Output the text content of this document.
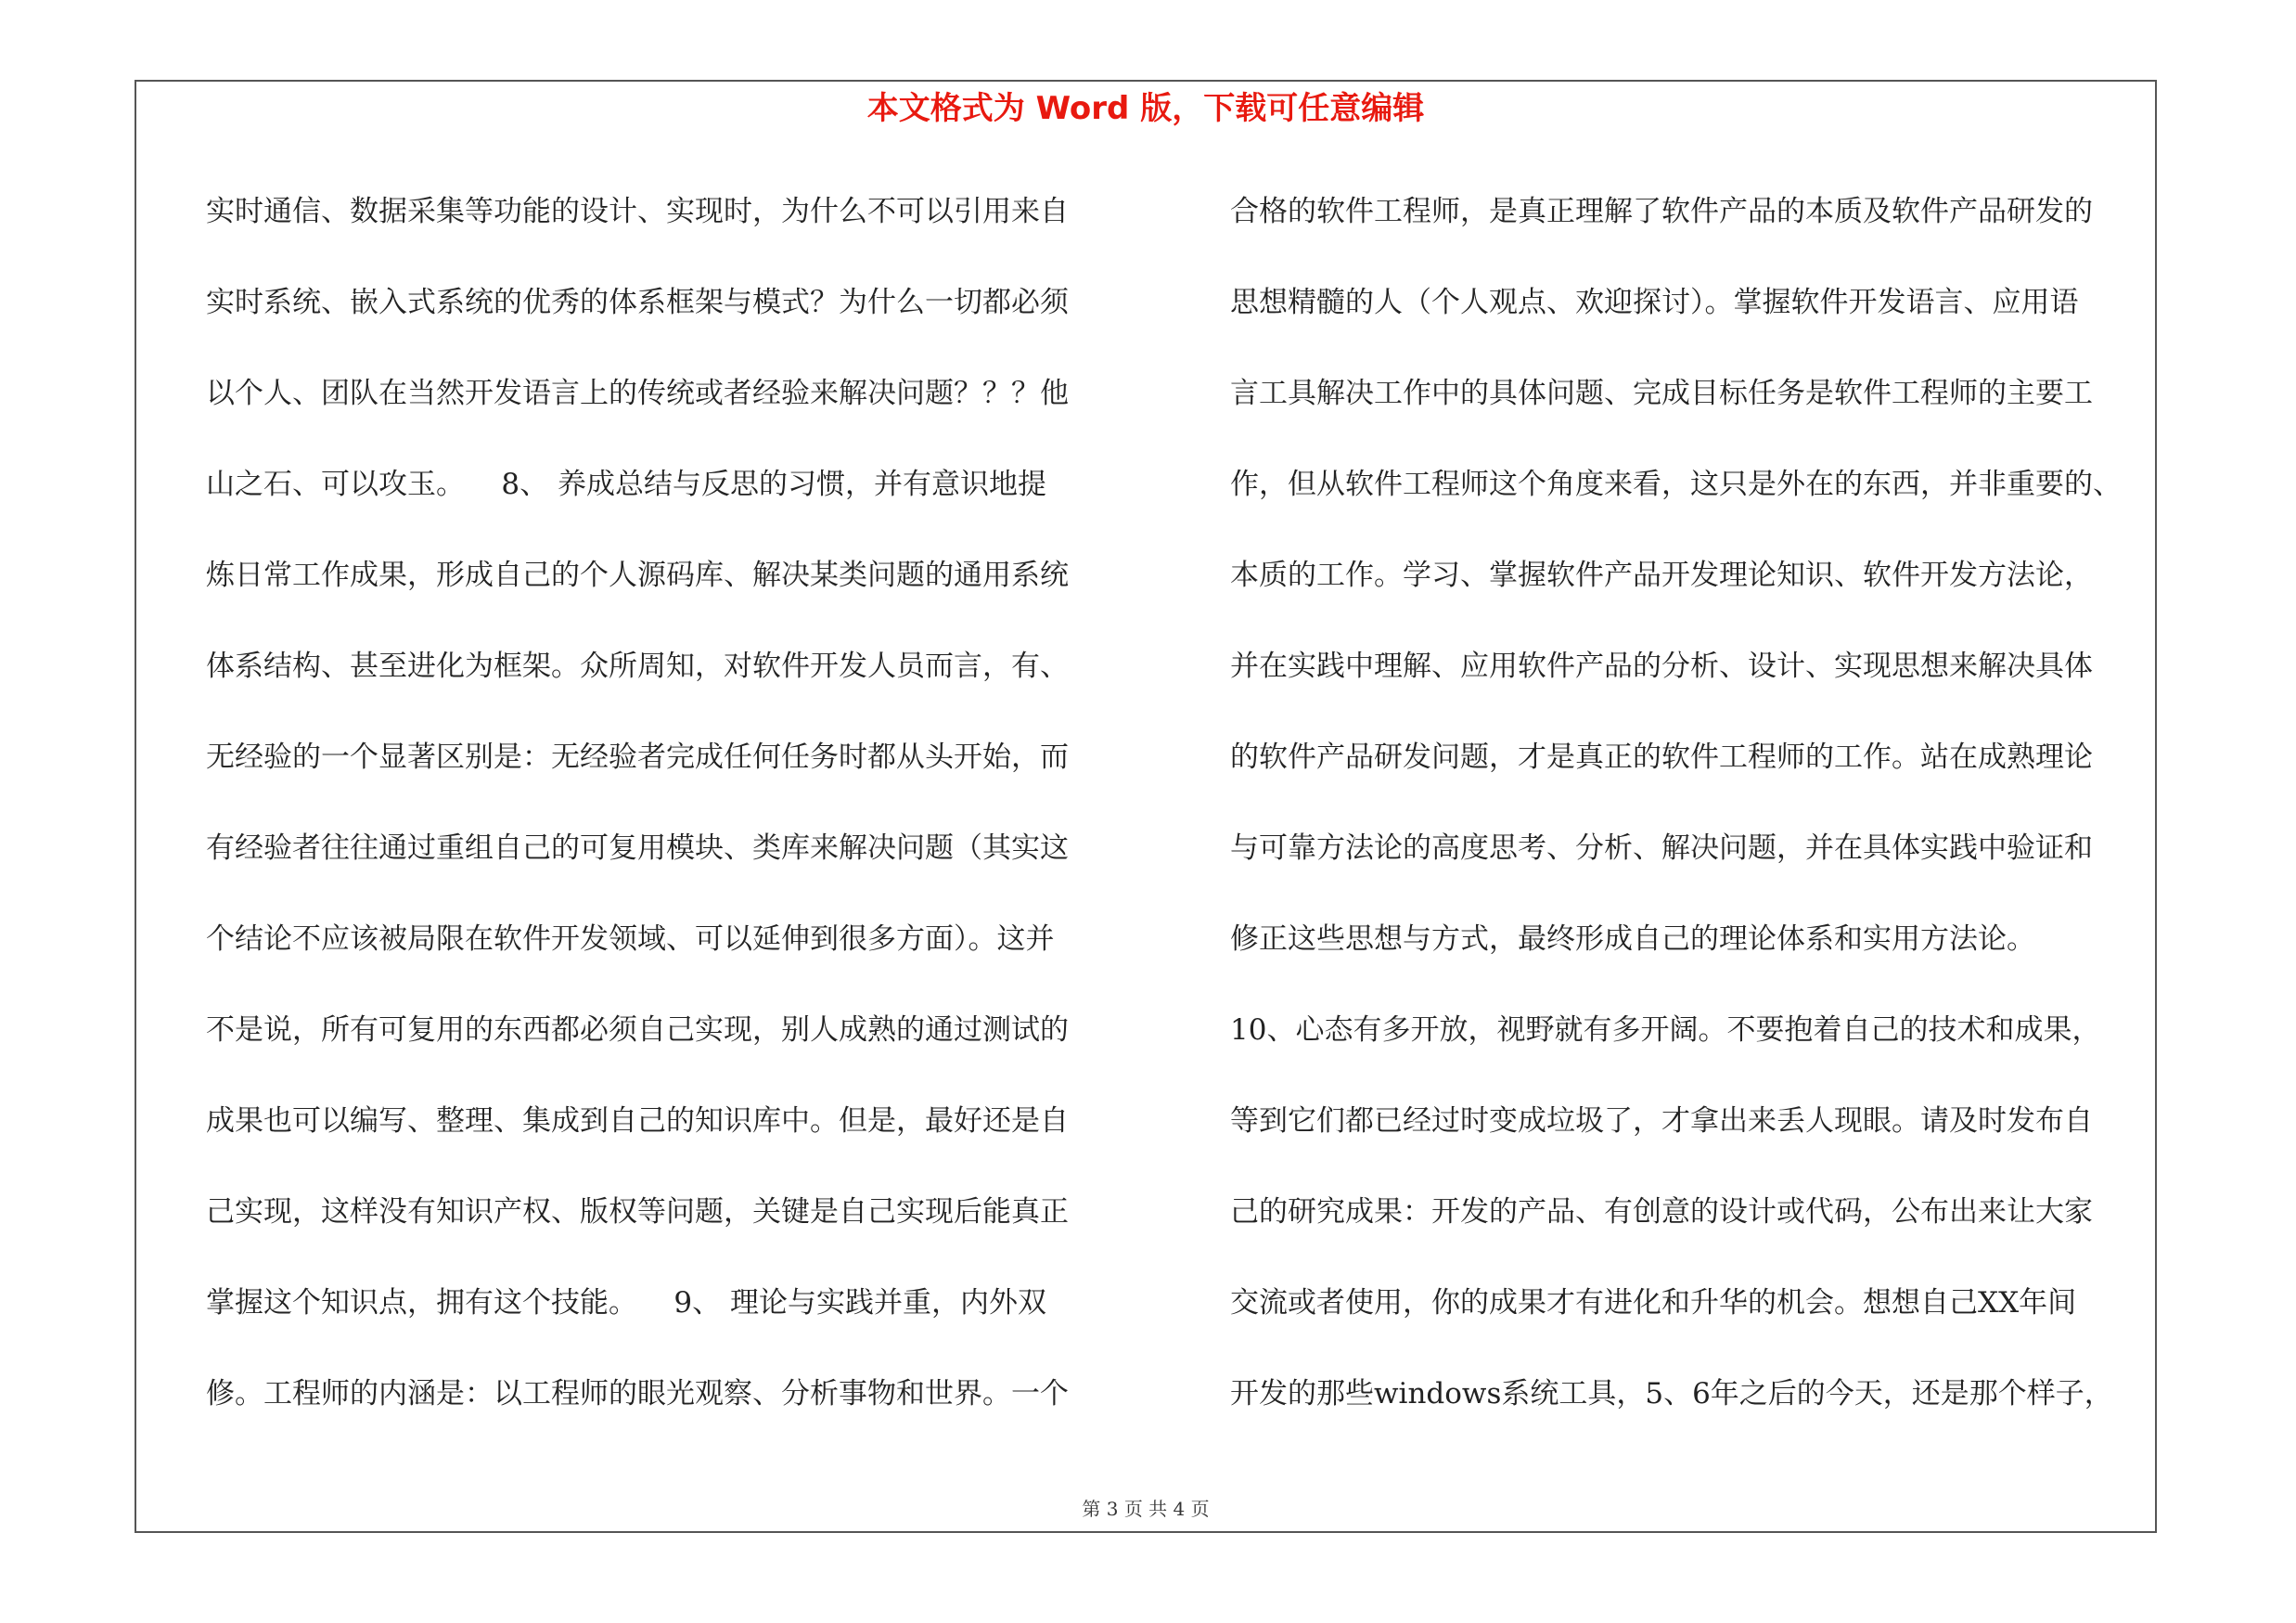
本文格式为 Word 版，下载可任意编辑
实时通信、数据采集等功能的设计、实现时，为什么不可以引用来自
实时系统、嵌入式系统的优秀的体系框架与模式？为什么一切都必须
以个人、团队在当然开发语言上的传统或者经验来解决问题？？？他
山之石、可以攻玉。    8、 养成总结与反思的习惯，并有意识地提
炼日常工作成果，形成自己的个人源码库、解决某类问题的通用系统
体系结构、甚至进化为框架。众所周知，对软件开发人员而言，有、
无经验的一个显著区别是：无经验者完成任何任务时都从头开始，而
有经验者往往通过重组自己的可复用模块、类库来解决问题（其实这
个结论不应该被局限在软件开发领域、可以延伸到很多方面）。这并
不是说，所有可复用的东西都必须自己实现，别人成熟的通过测试的
成果也可以编写、整理、集成到自己的知识库中。但是，最好还是自
己实现，这样没有知识产权、版权等问题，关键是自己实现后能真正
掌握这个知识点，拥有这个技能。    9、 理论与实践并重，内外双
修。工程师的内涵是：以工程师的眼光观察、分析事物和世界。一个
合格的软件工程师，是真正理解了软件产品的本质及软件产品研发的
思想精髓的人（个人观点、欢迎探讨）。掌握软件开发语言、应用语
言工具解决工作中的具体问题、完成目标任务是软件工程师的主要工
作，但从软件工程师这个角度来看，这只是外在的东西，并非重要的、
本质的工作。学习、掌握软件产品开发理论知识、软件开发方法论，
并在实践中理解、应用软件产品的分析、设计、实现思想来解决具体
的软件产品研发问题，才是真正的软件工程师的工作。站在成熟理论
与可靠方法论的高度思考、分析、解决问题，并在具体实践中验证和
修正这些思想与方式，最终形成自己的理论体系和实用方法论。
10、心态有多开放，视野就有多开阔。不要抱着自己的技术和成果，
等到它们都已经过时变成垃圾了，才拿出来丢人现眼。请及时发布自
己的研究成果：开发的产品、有创意的设计或代码，公布出来让大家
交流或者使用，你的成果才有进化和升华的机会。想想自己XX年间
开发的那些windows系统工具，5、6年之后的今天，还是那个样子，
第 3 页 共 4 页
